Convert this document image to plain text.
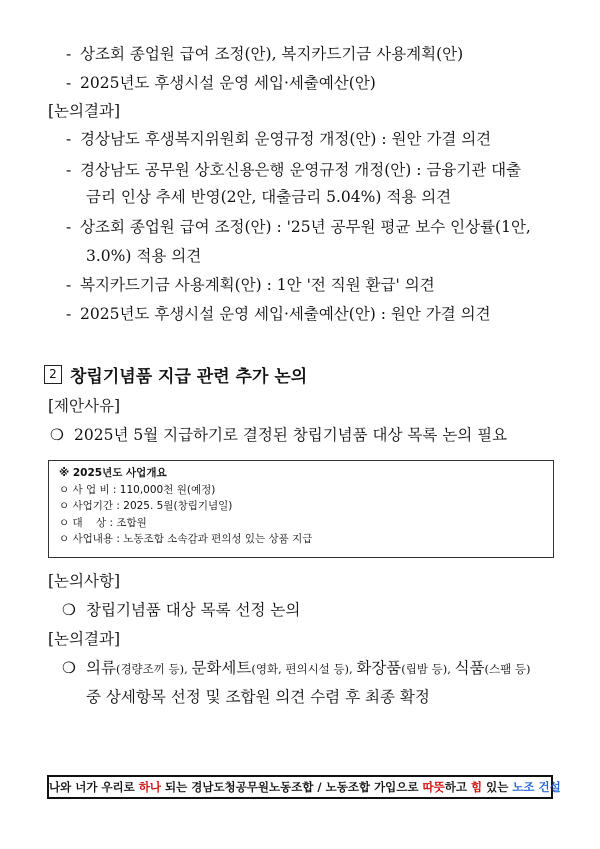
- 상조회 종업원 급여 조정(안), 복지카드기금 사용계획(안)
- 2025년도 후생시설 운영 세입·세출예산(안)
[논의결과]
- 경상남도 후생복지위원회 운영규정 개정(안) : 원안 가결 의견
- 경상남도 공무원 상호신용은행 운영규정 개정(안) : 금융기관 대출
금리 인상 추세 반영(2안, 대출금리 5.04%) 적용 의견
- 상조회 종업원 급여 조정(안) : '25년 공무원 평균 보수 인상률(1안,
3.0%) 적용 의견
- 복지카드기금 사용계획(안) : 1안 '전 직원 환급' 의견
- 2025년도 후생시설 운영 세입·세출예산(안) : 원안 가결 의견
2 창립기념품 지급 관련 추가 논의
[제안사유]
❍ 2025년 5월 지급하기로 결정된 창립기념품 대상 목록 논의 필요
※ 2025년도 사업개요
ㅇ 사 업 비 : 110,000천 원(예정)
ㅇ 사업기간 : 2025. 5월(창립기념일)
ㅇ 대    상 : 조합원
ㅇ 사업내용 : 노동조합 소속감과 편의성 있는 상품 지급
[논의사항]
❍ 창립기념품 대상 목록 선정 논의
[논의결과]
❍ 의류(경량조끼 등), 문화세트(영화, 편의시설 등), 화장품(립밤 등), 식품(스팸 등)
중 상세항목 선정 및 조합원 의견 수렴 후 최종 확정
나와 너가 우리로 하나 되는 경남도청공무원노동조합 / 노동조합 가입으로 따뜻하고 힘 있는 노조 건설
